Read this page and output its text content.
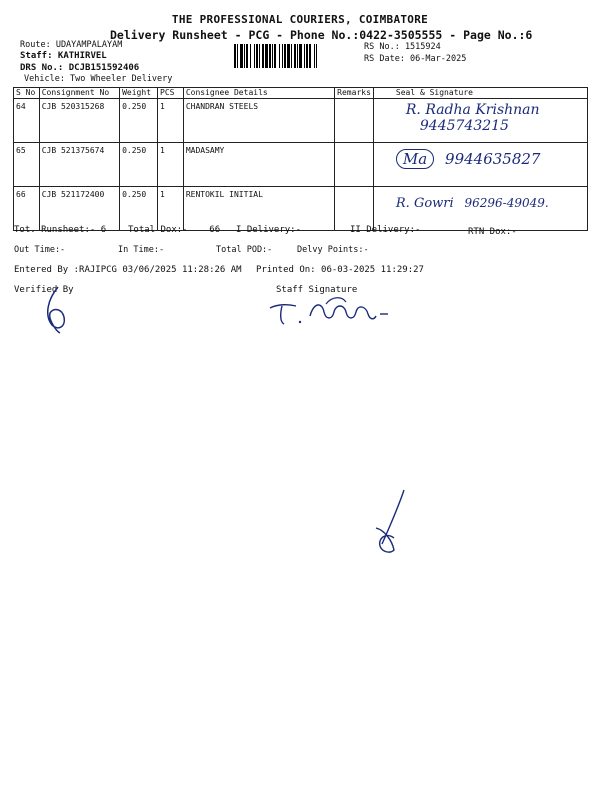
THE PROFESSIONAL COURIERS, COIMBATORE
Delivery Runsheet - PCG - Phone No.:0422-3505555 - Page No.:6
Route: UDAYAMPALAYAM
Staff: KATHIRVEL
DRS No.: DCJB151592406
Vehicle: Two Wheeler Delivery
RS No.: 1515924
RS Date: 06-Mar-2025
S No	Consignment No	Weight	PCS	Consignee Details	Remarks	Seal & Signature
64	CJB 520315268	0.250	1	CHANDRAN STEELS		R. Radha Krishnan
9445743215

65	CJB 521375674	0.250	1	MADASAMY		Ma 9944635827

66	CJB 521172400	0.250	1	RENTOKIL INITIAL		R. Gowri 96296-49049.
Tot. Runsheet:- 6 Total Dox:-    66 I Delivery:-	II Delivery:-	RTN Dox:-
Out Time:-	In Time:-	Total POD:-	Delvy Points:-
Entered By :RAJIPCG 03/06/2025 11:28:26 AM Printed On: 06-03-2025 11:29:27
Verified By	Staff Signature
